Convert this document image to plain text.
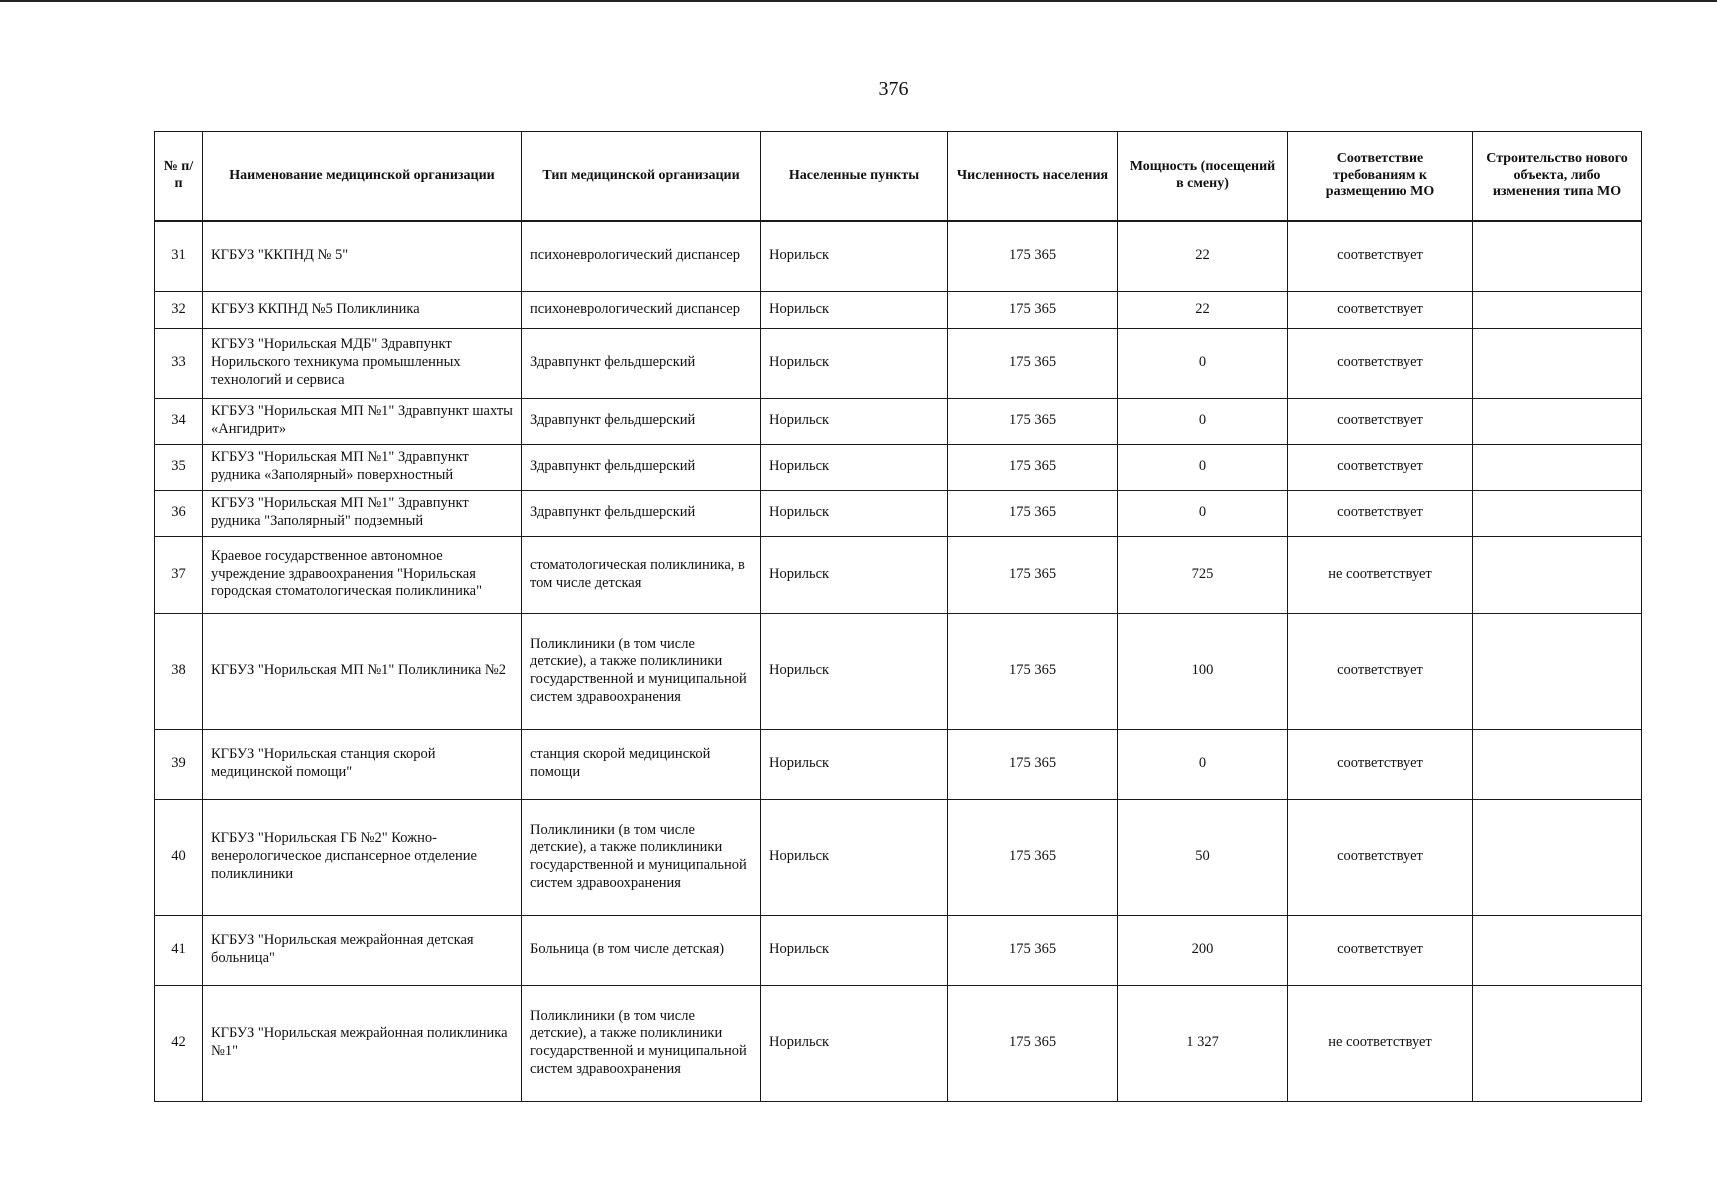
376
№ п/п	Наименование медицинской организации	Тип медицинской организации	Населенные пункты	Численность населения	Мощность (посещений в смену)	Соответствие требованиям к размещению МО	Строительство нового объекта, либо изменения типа МО
31	КГБУЗ "ККПНД № 5"	психоневрологический диспансер	Норильск	175 365	22	соответствует	
32	КГБУЗ ККПНД №5 Поликлиника	психоневрологический диспансер	Норильск	175 365	22	соответствует	
33	КГБУЗ "Норильская МДБ" Здравпункт Норильского техникума промышленных технологий и сервиса	Здравпункт фельдшерский	Норильск	175 365	0	соответствует	
34	КГБУЗ "Норильская МП №1" Здравпункт шахты «Ангидрит»	Здравпункт фельдшерский	Норильск	175 365	0	соответствует	
35	КГБУЗ "Норильская МП №1" Здравпункт рудника «Заполярный» поверхностный	Здравпункт фельдшерский	Норильск	175 365	0	соответствует	
36	КГБУЗ "Норильская МП №1" Здравпункт рудника "Заполярный" подземный	Здравпункт фельдшерский	Норильск	175 365	0	соответствует	
37	Краевое государственное автономное учреждение здравоохранения "Норильская городская стоматологическая поликлиника"	стоматологическая поликлиника, в том числе детская	Норильск	175 365	725	не соответствует	
38	КГБУЗ "Норильская МП №1" Поликлиника №2	Поликлиники (в том числе детские), а также поликлиники государственной и муниципальной систем здравоохранения	Норильск	175 365	100	соответствует	
39	КГБУЗ "Норильская станция скорой медицинской помощи"	станция скорой медицинской помощи	Норильск	175 365	0	соответствует	
40	КГБУЗ "Норильская ГБ №2" Кожно-венерологическое диспансерное отделение поликлиники	Поликлиники (в том числе детские), а также поликлиники государственной и муниципальной систем здравоохранения	Норильск	175 365	50	соответствует	
41	КГБУЗ "Норильская межрайонная детская больница"	Больница (в том числе детская)	Норильск	175 365	200	соответствует	
42	КГБУЗ "Норильская межрайонная поликлиника №1"	Поликлиники (в том числе детские), а также поликлиники государственной и муниципальной систем здравоохранения	Норильск	175 365	1 327	не соответствует	
